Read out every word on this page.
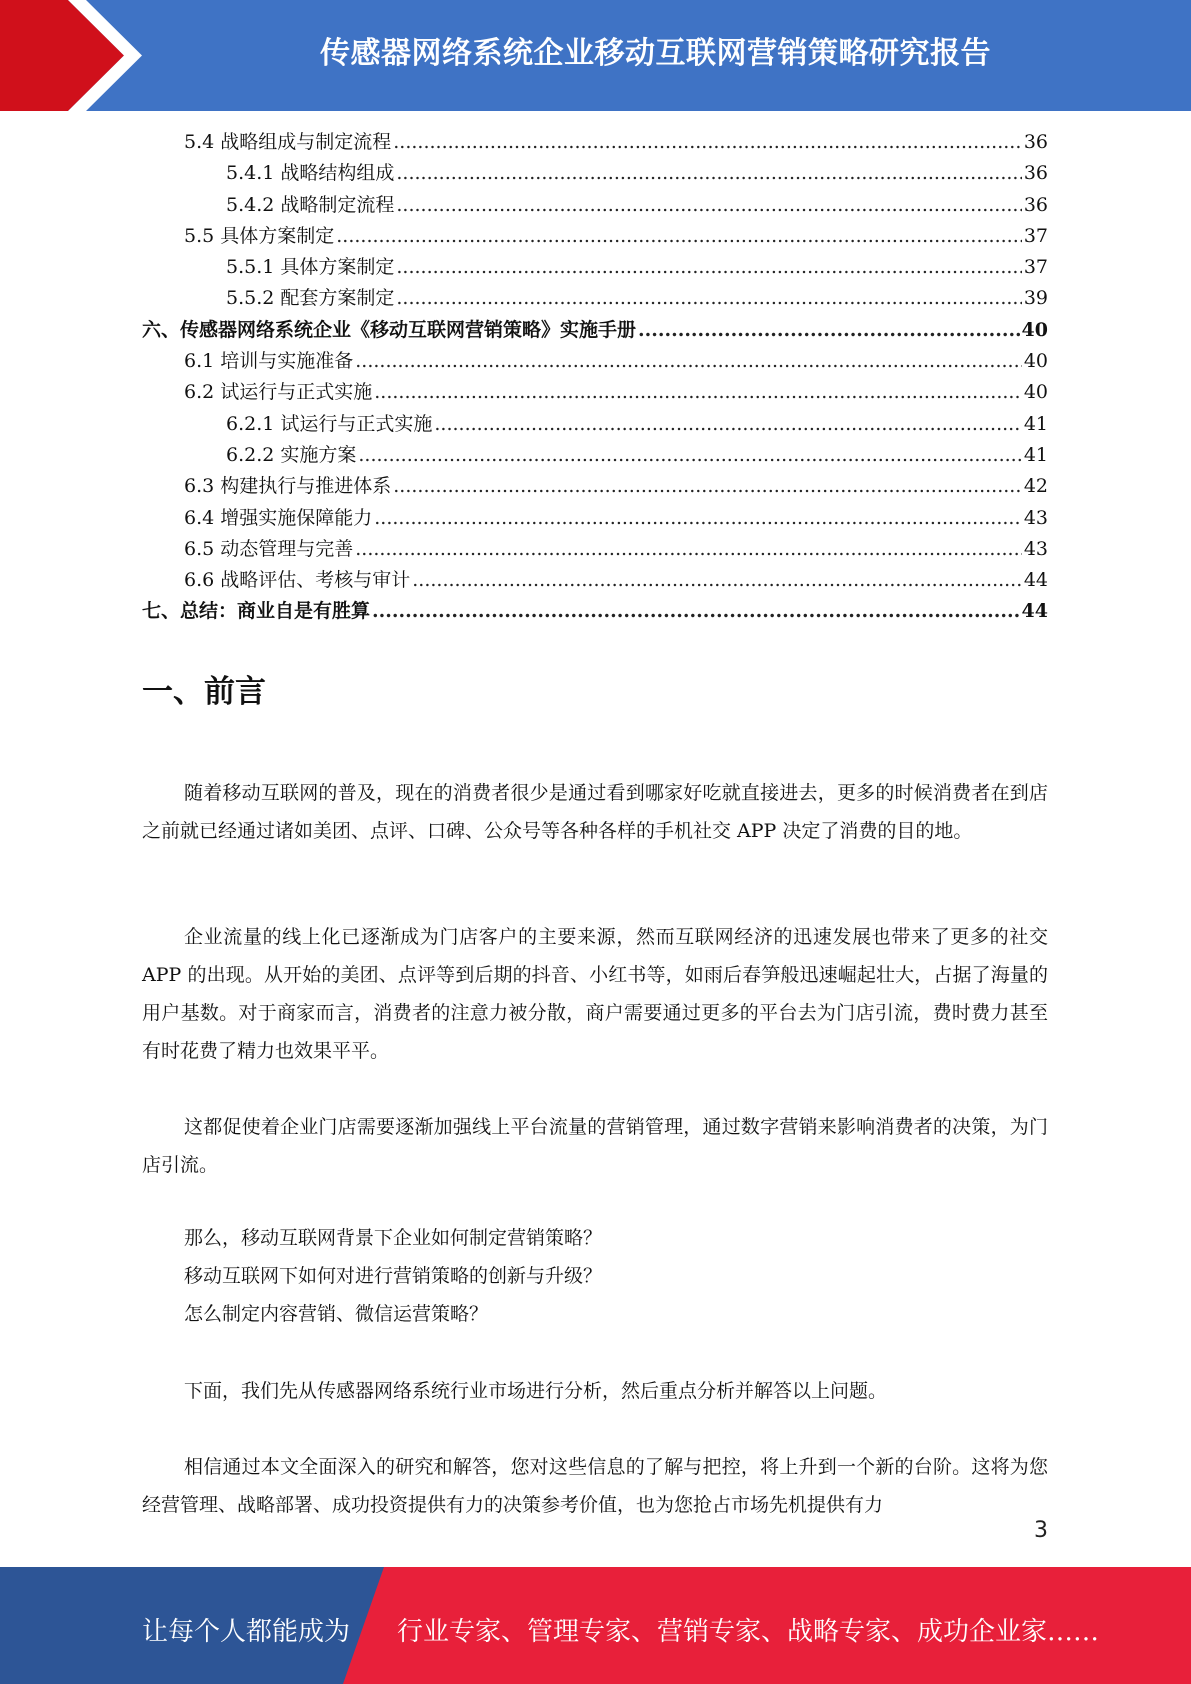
传感器网络系统企业移动互联网营销策略研究报告
5.4 战略组成与制定流程 .....	36
5.4.1 战略结构组成 .....	36
5.4.2 战略制定流程 .....	36
5.5 具体方案制定 .....	37
5.5.1 具体方案制定 .....	37
5.5.2 配套方案制定 .....	39
六、传感器网络系统企业《移动互联网营销策略》实施手册 .....	40
6.1 培训与实施准备 .....	40
6.2 试运行与正式实施 .....	40
6.2.1 试运行与正式实施 .....	41
6.2.2 实施方案 .....	41
6.3 构建执行与推进体系 .....	42
6.4 增强实施保障能力 .....	43
6.5 动态管理与完善 .....	43
6.6 战略评估、考核与审计 .....	44
七、总结：商业自是有胜算 .....	44
一、前言

随着移动互联网的普及，现在的消费者很少是通过看到哪家好吃就直接进去，更多的时候消费者在到店之前就已经通过诸如美团、点评、口碑、公众号等各种各样的手机社交 APP 决定了消费的目的地。

企业流量的线上化已逐渐成为门店客户的主要来源，然而互联网经济的迅速发展也带来了更多的社交 APP 的出现。从开始的美团、点评等到后期的抖音、小红书等，如雨后春笋般迅速崛起壮大，占据了海量的用户基数。对于商家而言，消费者的注意力被分散，商户需要通过更多的平台去为门店引流，费时费力甚至有时花费了精力也效果平平。

这都促使着企业门店需要逐渐加强线上平台流量的营销管理，通过数字营销来影响消费者的决策，为门店引流。

那么，移动互联网背景下企业如何制定营销策略？
移动互联网下如何对进行营销策略的创新与升级？
怎么制定内容营销、微信运营策略？

下面，我们先从传感器网络系统行业市场进行分析，然后重点分析并解答以上问题。

相信通过本文全面深入的研究和解答，您对这些信息的了解与把控，将上升到一个新的台阶。这将为您经营管理、战略部署、成功投资提供有力的决策参考价值，也为您抢占市场先机提供有力

3
让每个人都能成为 行业专家、管理专家、营销专家、战略专家、成功企业家……
